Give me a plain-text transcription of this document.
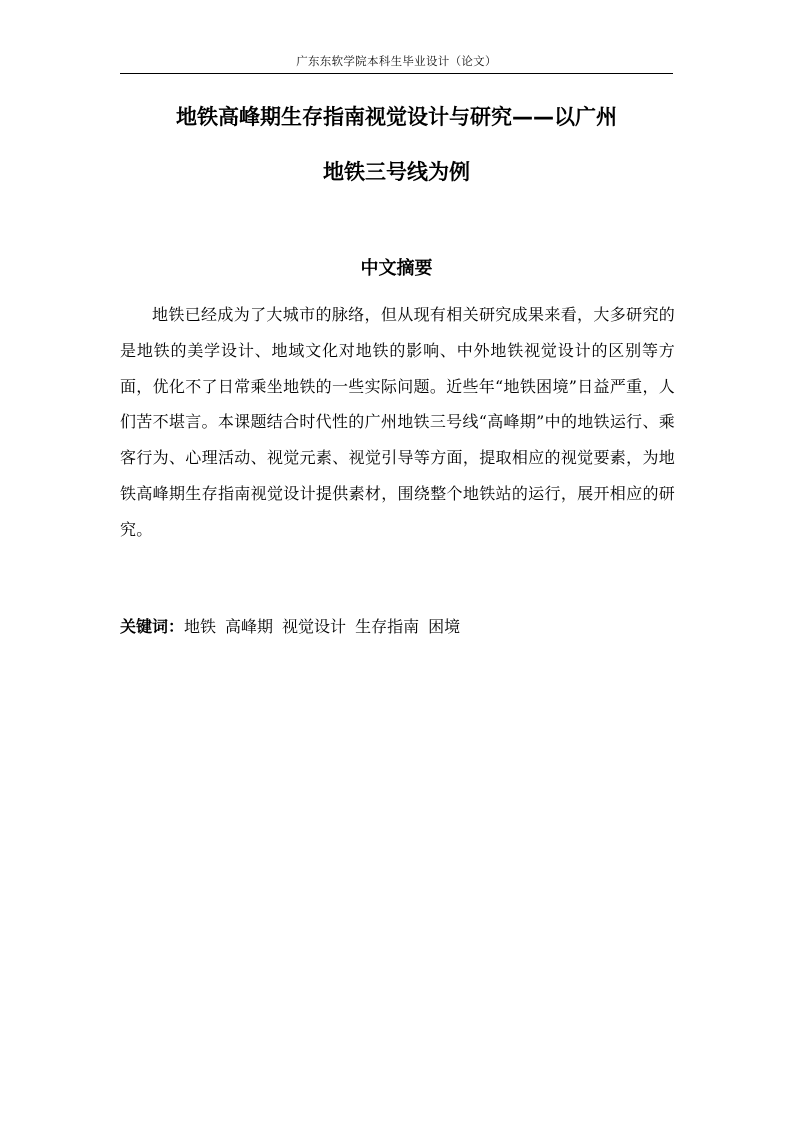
广东东软学院本科生毕业设计（论文）
地铁高峰期生存指南视觉设计与研究——以广州
地铁三号线为例
中文摘要

地铁已经成为了大城市的脉络，但从现有相关研究成果来看，大多研究的是地铁的美学设计、地域文化对地铁的影响、中外地铁视觉设计的区别等方面，优化不了日常乘坐地铁的一些实际问题。近些年“地铁困境”日益严重，人们苦不堪言。本课题结合时代性的广州地铁三号线“高峰期”中的地铁运行、乘客行为、心理活动、视觉元素、视觉引导等方面，提取相应的视觉要素，为地铁高峰期生存指南视觉设计提供素材，围绕整个地铁站的运行，展开相应的研究。

关键词：地铁 高峰期 视觉设计 生存指南 困境
